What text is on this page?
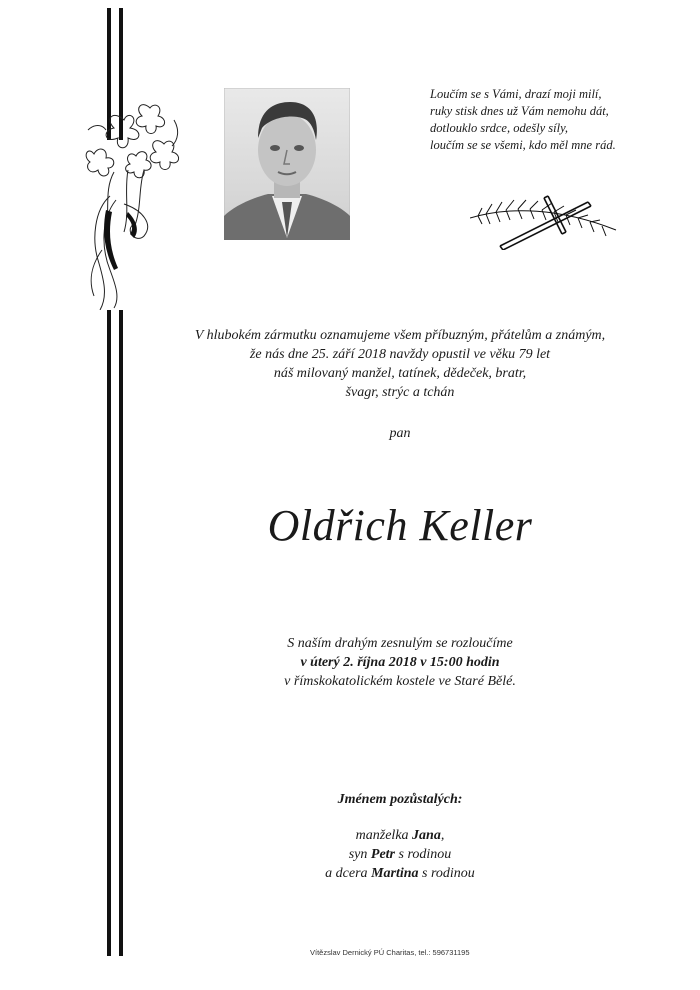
Loučím se s Vámi, drazí moji milí,
ruky stisk dnes už Vám nemohu dát,
dotlouklo srdce, odešly síly,
loučím se se všemi, kdo měl mne rád.
V hlubokém zármutku oznamujeme všem příbuzným, přátelům a známým,
že nás dne 25. září 2018 navždy opustil ve věku 79 let
náš milovaný manžel, tatínek, dědeček, bratr,
švagr, strýc a tchán
pan
Oldřich Keller
S naším drahým zesnulým se rozloučíme
v úterý 2. října 2018 v 15:00 hodin
v římskokatolickém kostele ve Staré Bělé.
Jménem pozůstalých:
manželka Jana,
syn Petr s rodinou
a dcera Martina s rodinou
Vítězslav Dernický PÚ Charitas, tel.: 596731195
